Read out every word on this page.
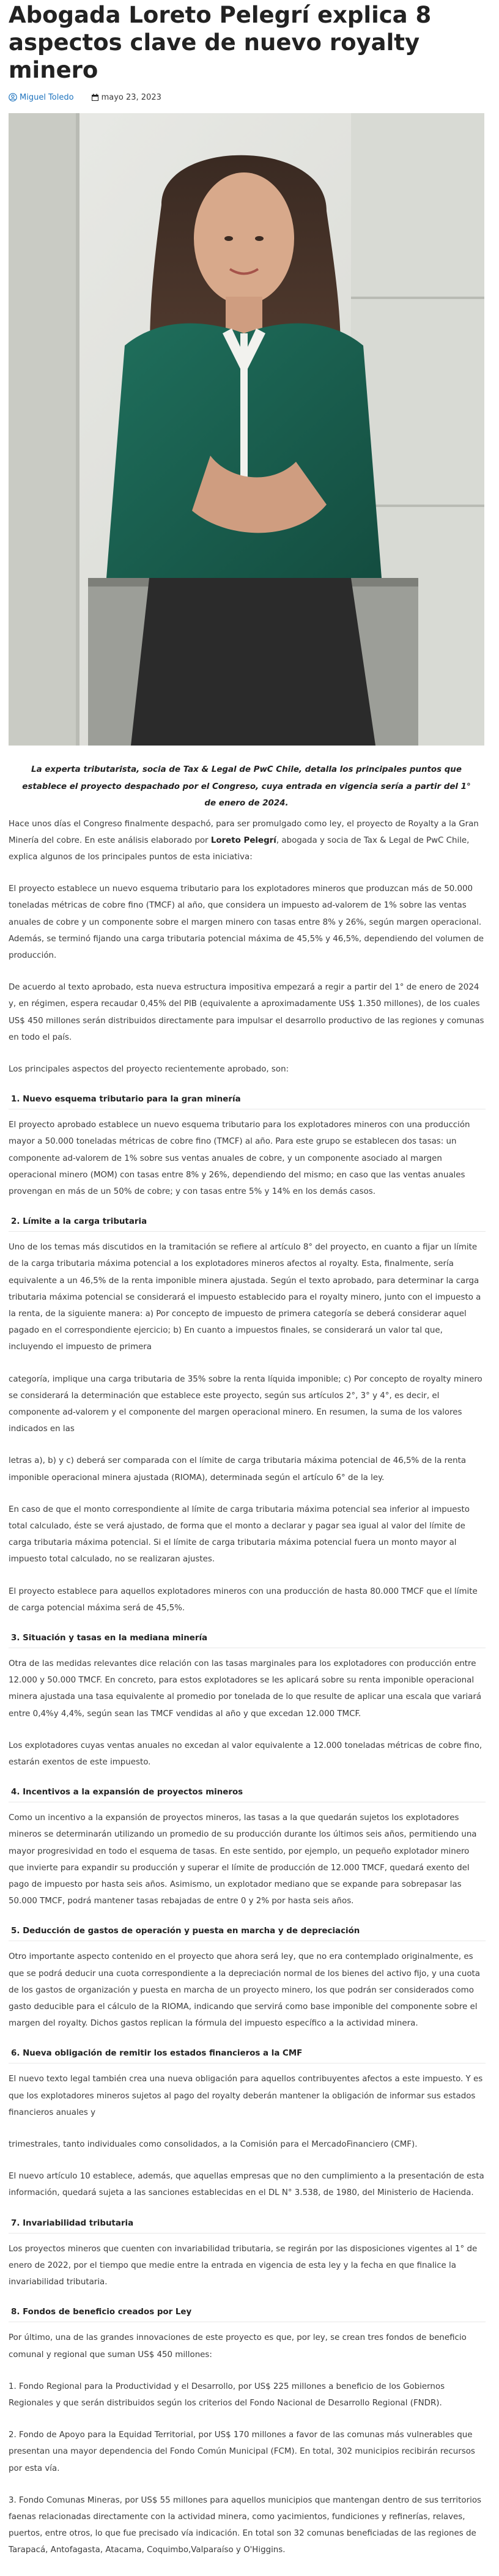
Abogada Loreto Pelegrí explica 8 aspectos clave de nuevo royalty minero
Miguel Toledo	mayo 23, 2023

La experta tributarista, socia de Tax & Legal de PwC Chile, detalla los principales puntos que establece el proyecto despachado por el Congreso, cuya entrada en vigencia sería a partir del 1° de enero de 2024.

Hace unos días el Congreso finalmente despachó, para ser promulgado como ley, el proyecto de Royalty a la Gran Minería del cobre. En este análisis elaborado por Loreto Pelegrí, abogada y socia de Tax & Legal de PwC Chile, explica algunos de los principales puntos de esta iniciativa:

El proyecto establece un nuevo esquema tributario para los explotadores mineros que produzcan más de 50.000 toneladas métricas de cobre fino (TMCF) al año, que considera un impuesto ad-valorem de 1% sobre las ventas anuales de cobre y un componente sobre el margen minero con tasas entre 8% y 26%, según margen operacional. Además, se terminó fijando una carga tributaria potencial máxima de 45,5% y 46,5%, dependiendo del volumen de producción.

De acuerdo al texto aprobado, esta nueva estructura impositiva empezará a regir a partir del 1° de enero de 2024 y, en régimen, espera recaudar 0,45% del PIB (equivalente a aproximadamente US$ 1.350 millones), de los cuales US$ 450 millones serán distribuidos directamente para impulsar el desarrollo productivo de las regiones y comunas en todo el país.

Los principales aspectos del proyecto recientemente aprobado, son:

1. Nuevo esquema tributario para la gran minería

El proyecto aprobado establece un nuevo esquema tributario para los explotadores mineros con una producción mayor a 50.000 toneladas métricas de cobre fino (TMCF) al año. Para este grupo se establecen dos tasas: un componente ad-valorem de 1% sobre sus ventas anuales de cobre, y un componente asociado al margen operacional minero (MOM) con tasas entre 8% y 26%, dependiendo del mismo; en caso que las ventas anuales provengan en más de un 50% de cobre; y con tasas entre 5% y 14% en los demás casos.

2. Límite a la carga tributaria

Uno de los temas más discutidos en la tramitación se refiere al artículo 8° del proyecto, en cuanto a fijar un límite de la carga tributaria máxima potencial a los explotadores mineros afectos al royalty. Esta, finalmente, sería equivalente a un 46,5% de la renta imponible minera ajustada. Según el texto aprobado, para determinar la carga tributaria máxima potencial se considerará el impuesto establecido para el royalty minero, junto con el impuesto a la renta, de la siguiente manera: a) Por concepto de impuesto de primera categoría se deberá considerar aquel pagado en el correspondiente ejercicio; b) En cuanto a impuestos finales, se considerará un valor tal que, incluyendo el impuesto de primera

categoría, implique una carga tributaria de 35% sobre la renta líquida imponible; c) Por concepto de royalty minero se considerará la determinación que establece este proyecto, según sus artículos 2°, 3° y 4°, es decir, el componente ad-valorem y el componente del margen operacional minero. En resumen, la suma de los valores indicados en las

letras a), b) y c) deberá ser comparada con el límite de carga tributaria máxima potencial de 46,5% de la renta imponible operacional minera ajustada (RIOMA), determinada según el artículo 6° de la ley.

En caso de que el monto correspondiente al límite de carga tributaria máxima potencial sea inferior al impuesto total calculado, éste se verá ajustado, de forma que el monto a declarar y pagar sea igual al valor del límite de carga tributaria máxima potencial. Si el límite de carga tributaria máxima potencial fuera un monto mayor al impuesto total calculado, no se realizaran ajustes.

El proyecto establece para aquellos explotadores mineros con una producción de hasta 80.000 TMCF que el límite de carga potencial máxima será de 45,5%.

3. Situación y tasas en la mediana minería

Otra de las medidas relevantes dice relación con las tasas marginales para los explotadores con producción entre 12.000 y 50.000 TMCF. En concreto, para estos explotadores se les aplicará sobre su renta imponible operacional minera ajustada una tasa equivalente al promedio por tonelada de lo que resulte de aplicar una escala que variará entre 0,4%y 4,4%, según sean las TMCF vendidas al año y que excedan 12.000 TMCF.

Los explotadores cuyas ventas anuales no excedan al valor equivalente a 12.000 toneladas métricas de cobre fino, estarán exentos de este impuesto.

4. Incentivos a la expansión de proyectos mineros

Como un incentivo a la expansión de proyectos mineros, las tasas a la que quedarán sujetos los explotadores mineros se determinarán utilizando un promedio de su producción durante los últimos seis años, permitiendo una mayor progresividad en todo el esquema de tasas. En este sentido, por ejemplo, un pequeño explotador minero que invierte para expandir su producción y superar el límite de producción de 12.000 TMCF, quedará exento del pago de impuesto por hasta seis años. Asimismo, un explotador mediano que se expande para sobrepasar las 50.000 TMCF, podrá mantener tasas rebajadas de entre 0 y 2% por hasta seis años.

5. Deducción de gastos de operación y puesta en marcha y de depreciación

Otro importante aspecto contenido en el proyecto que ahora será ley, que no era contemplado originalmente, es que se podrá deducir una cuota correspondiente a la depreciación normal de los bienes del activo fijo, y una cuota de los gastos de organización y puesta en marcha de un proyecto minero, los que podrán ser considerados como gasto deducible para el cálculo de la RIOMA, indicando que servirá como base imponible del componente sobre el margen del royalty. Dichos gastos replican la fórmula del impuesto específico a la actividad minera.

6. Nueva obligación de remitir los estados financieros a la CMF

El nuevo texto legal también crea una nueva obligación para aquellos contribuyentes afectos a este impuesto. Y es que los explotadores mineros sujetos al pago del royalty deberán mantener la obligación de informar sus estados financieros anuales y

trimestrales, tanto individuales como consolidados, a la Comisión para el MercadoFinanciero (CMF).

El nuevo artículo 10 establece, además, que aquellas empresas que no den cumplimiento a la presentación de esta información, quedará sujeta a las sanciones establecidas en el DL N° 3.538, de 1980, del Ministerio de Hacienda.

7. Invariabilidad tributaria

Los proyectos mineros que cuenten con invariabilidad tributaria, se regirán por las disposiciones vigentes al 1° de enero de 2022, por el tiempo que medie entre la entrada en vigencia de esta ley y la fecha en que finalice la invariabilidad tributaria.

8. Fondos de beneficio creados por Ley

Por último, una de las grandes innovaciones de este proyecto es que, por ley, se crean tres fondos de beneficio comunal y regional que suman US$ 450 millones:

1. Fondo Regional para la Productividad y el Desarrollo, por US$ 225 millones a beneficio de los Gobiernos Regionales y que serán distribuidos según los criterios del Fondo Nacional de Desarrollo Regional (FNDR).

2. Fondo de Apoyo para la Equidad Territorial, por US$ 170 millones a favor de las comunas más vulnerables que presentan una mayor dependencia del Fondo Común Municipal (FCM). En total, 302 municipios recibirán recursos por esta vía.

3. Fondo Comunas Mineras, por US$ 55 millones para aquellos municipios que mantengan dentro de sus territorios faenas relacionadas directamente con la actividad minera, como yacimientos, fundiciones y refinerías, relaves, puertos, entre otros, lo que fue precisado vía indicación. En total son 32 comunas beneficiadas de las regiones de Tarapacá, Antofagasta, Atacama, Coquimbo,Valparaíso y O'Higgins.
